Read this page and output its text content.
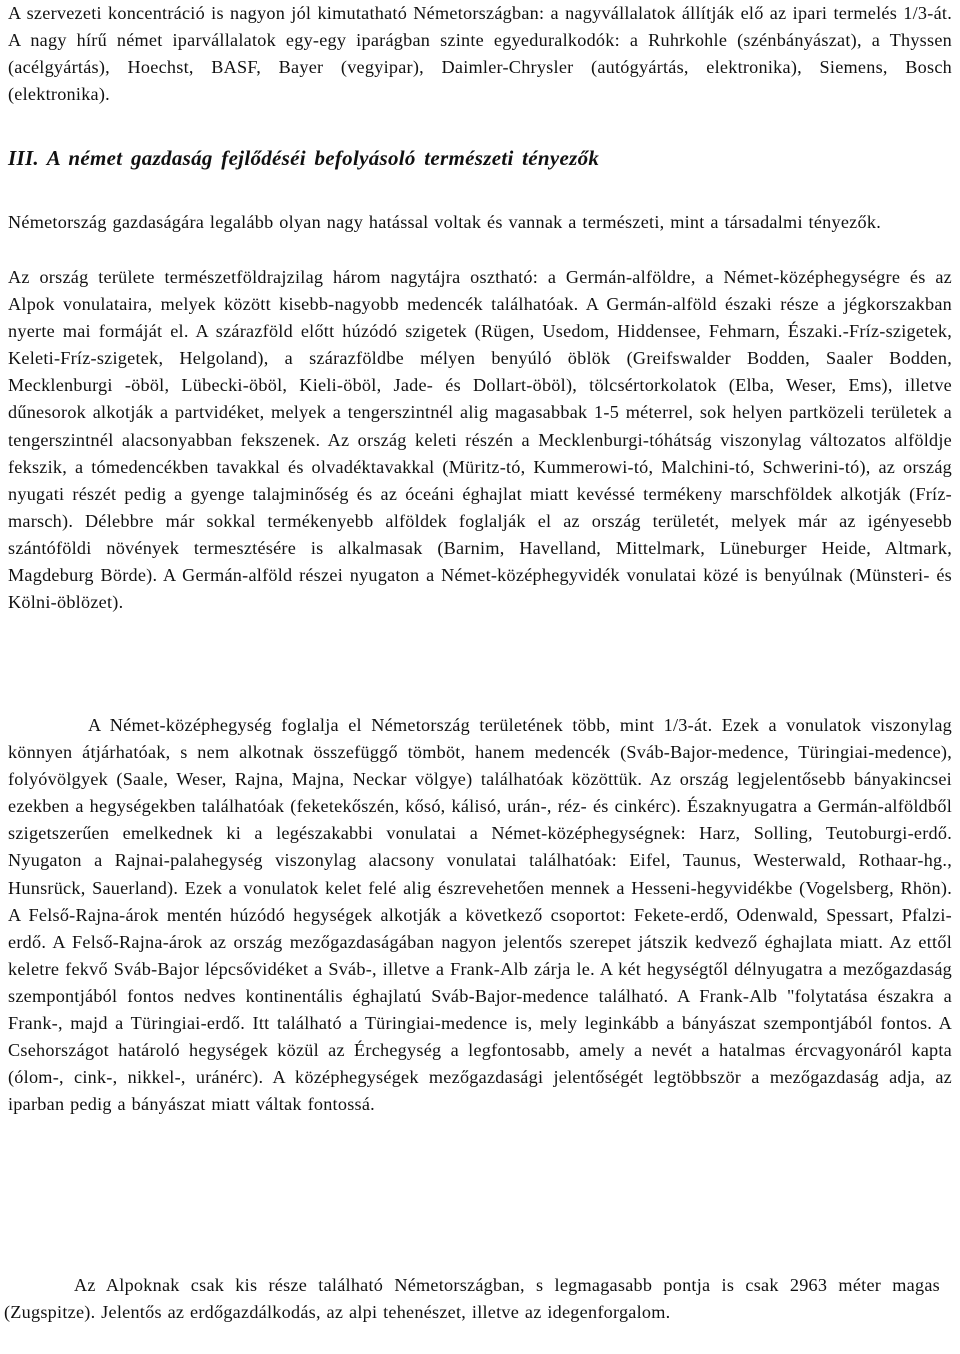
A szervezeti koncentráció is nagyon jól kimutatható Németországban: a nagyvállalatok állítják elő az ipari termelés 1/3-át. A nagy hírű német iparvállalatok egy-egy iparágban szinte egyeduralkodók: a Ruhrkohle (szénbányászat), a Thyssen (acélgyártás), Hoechst, BASF, Bayer (vegyipar), Daimler-Chrysler (autógyártás, elektronika), Siemens, Bosch (elektronika).

III. A német gazdaság fejlődéséi befolyásoló természeti tényezők

Németország gazdaságára legalább olyan nagy hatással voltak és vannak a természeti, mint a társadalmi tényezők.

Az ország területe természetföldrajzilag három nagytájra osztható: a Germán-alföldre, a Német-középhegységre és az Alpok vonulataira, melyek között kisebb-nagyobb medencék találhatóak. A Germán-alföld északi része a jégkorszakban nyerte mai formáját el. A szárazföld előtt húzódó szigetek (Rügen, Usedom, Hiddensee, Fehmarn, Északi.-Fríz-szigetek, Keleti-Fríz-szigetek, Helgoland), a szárazföldbe mélyen benyúló öblök (Greifswalder Bodden, Saaler Bodden, Mecklenburgi -öböl, Lübecki-öböl, Kieli-öböl, Jade- és Dollart-öböl), tölcsértorkolatok (Elba, Weser, Ems), illetve dűnesorok alkotják a partvidéket, melyek a tengerszintnél alig magasabbak 1-5 méterrel, sok helyen partközeli területek a tengerszintnél alacsonyabban fekszenek. Az ország keleti részén a Mecklenburgi-tóhátság viszonylag változatos alföldje fekszik, a tómedencékben tavakkal és olvadéktavakkal (Müritz-tó, Kummerowi-tó, Malchini-tó, Schwerini-tó), az ország nyugati részét pedig a gyenge talajminőség és az óceáni éghajlat miatt kevéssé termékeny marschföldek alkotják (Fríz-marsch). Délebbre már sokkal termékenyebb alföldek foglalják el az ország területét, melyek már az igényesebb szántóföldi növények termesztésére is alkalmasak (Barnim, Havelland, Mittelmark, Lüneburger Heide, Altmark, Magdeburg Börde). A Germán-alföld részei nyugaton a Német-középhegyvidék vonulatai közé is benyúlnak (Münsteri- és Kölni-öblözet).

A Német-középhegység foglalja el Németország területének több, mint 1/3-át. Ezek a vonulatok viszonylag könnyen átjárhatóak, s nem alkotnak összefüggő tömböt, hanem medencék (Sváb-Bajor-medence, Türingiai-medence), folyóvölgyek (Saale, Weser, Rajna, Majna, Neckar völgye) találhatóak közöttük. Az ország legjelentősebb bányakincsei ezekben a hegységekben találhatóak (feketekőszén, kősó, kálisó, urán-, réz- és cinkérc). Északnyugatra a Germán-alföldből szigetszerűen emelkednek ki a legészakabbi vonulatai a Német-középhegységnek: Harz, Solling, Teutoburgi-erdő. Nyugaton a Rajnai-palahegység viszonylag alacsony vonulatai találhatóak: Eifel, Taunus, Westerwald, Rothaar-hg., Hunsrück, Sauerland). Ezek a vonulatok kelet felé alig észrevehetően mennek a Hesseni-hegyvidékbe (Vogelsberg, Rhön). A Felső-Rajna-árok mentén húzódó hegységek alkotják a következő csoportot: Fekete-erdő, Odenwald, Spessart, Pfalzi-erdő. A Felső-Rajna-árok az ország mezőgazdaságában nagyon jelentős szerepet játszik kedvező éghajlata miatt. Az ettől keletre fekvő Sváb-Bajor lépcsővidéket a Sváb-, illetve a Frank-Alb zárja le. A két hegységtől délnyugatra a mezőgazdaság szempontjából fontos nedves kontinentális éghajlatú Sváb-Bajor-medence található. A Frank-Alb "folytatása északra a Frank-, majd a Türingiai-erdő. Itt található a Türingiai-medence is, mely leginkább a bányászat szempontjából fontos. A Csehországot határoló hegységek közül az Érchegység a legfontosabb, amely a nevét a hatalmas ércvagyonáról kapta (ólom-, cink-, nikkel-, uránérc). A középhegységek mezőgazdasági jelentőségét legtöbbször a mezőgazdaság adja, az iparban pedig a bányászat miatt váltak fontossá.

Az Alpoknak csak kis része található Németországban, s legmagasabb pontja is csak 2963 méter magas (Zugspitze). Jelentős az erdőgazdálkodás, az alpi tehenészet, illetve az idegenforgalom.
